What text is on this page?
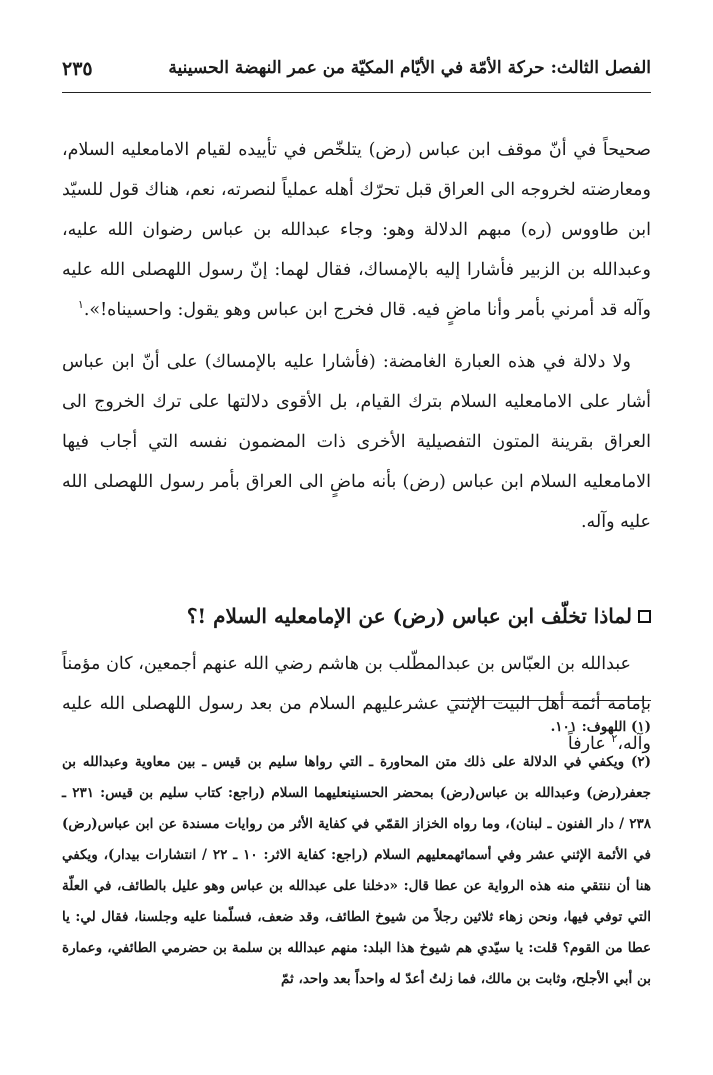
الفصل الثالث: حركة الأمّة في الأيّام المكيّة من عمر النهضة الحسينية
٢٣٥

صحيحاً في أنّ موقف ابن عباس (رض) يتلخّص في تأييده لقيام الامامعليه السلام، ومعارضته لخروجه الى العراق قبل تحرّك أهله عملياً لنصرته، نعم، هناك قول للسيّد ابن طاووس (ره) مبهم الدلالة وهو: وجاء عبدالله بن عباس رضوان الله عليه، وعبدالله بن الزبير فأشارا إليه بالإمساك، فقال لهما: إنّ رسول اللهصلى الله عليه وآله قد أمرني بأمر وأنا ماضٍ فيه. قال فخرج ابن عباس وهو يقول: واحسيناه!».$^١$

ولا دلالة في هذه العبارة الغامضة: (فأشارا عليه بالإمساك) على أنّ ابن عباس أشار على الامامعليه السلام بترك القيام، بل الأقوى دلالتها على ترك الخروج الى العراق بقرينة المتون التفصيلية الأخرى ذات المضمون نفسه التي أجاب فيها الامامعليه السلام ابن عباس (رض) بأنه ماضٍ الى العراق بأمر رسول اللهصلى الله عليه وآله.

لماذا تخلّف ابن عباس (رض) عن الإمامعليه السلام !؟

عبدالله بن العبّاس بن عبدالمطّلب بن هاشم رضي الله عنهم أجمعين، كان مؤمناً بإمامة أئمة أهل البيت الإثني عشرعليهم السلام من بعد رسول اللهصلى الله عليه وآله،$^٢$ عارفاً

(١) اللهوف: ١٠١.

(٢) ويكفي في الدلالة على ذلك متن المحاورة ـ التي رواها سليم بن قيس ـ بين معاوية وعبدالله بن جعفر(رض) وعبدالله بن عباس(رض) بمحضر الحسنينعليهما السلام (راجع: كتاب سليم بن قيس: ٢٣١ ـ ٢٣٨ / دار الفنون ـ لبنان)، وما رواه الخزاز القمّي في كفاية الأثر من روايات مسندة عن ابن عباس(رض) في الأئمة الإثني عشر وفي أسمائهمعليهم السلام (راجع: كفاية الاثر: ١٠ ـ ٢٢ / انتشارات بيدار)، ويكفي هنا أن ننتقي منه هذه الرواية عن عطا قال: «دخلنا على عبدالله بن عباس وهو عليل بالطائف، في العلّة التي توفي فيها، ونحن زهاء ثلاثين رجلاً من شيوخ الطائف، وقد ضعف، فسلّمنا عليه وجلسنا، فقال لي: يا عطا من القوم؟ قلت: يا سيّدي هم شيوخ هذا البلد: منهم عبدالله بن سلمة بن حضرمي الطائفي، وعمارة بن أبي الأجلح، وثابت بن مالك، فما زلتُ أعدّ له واحداً بعد واحد، ثمّ
